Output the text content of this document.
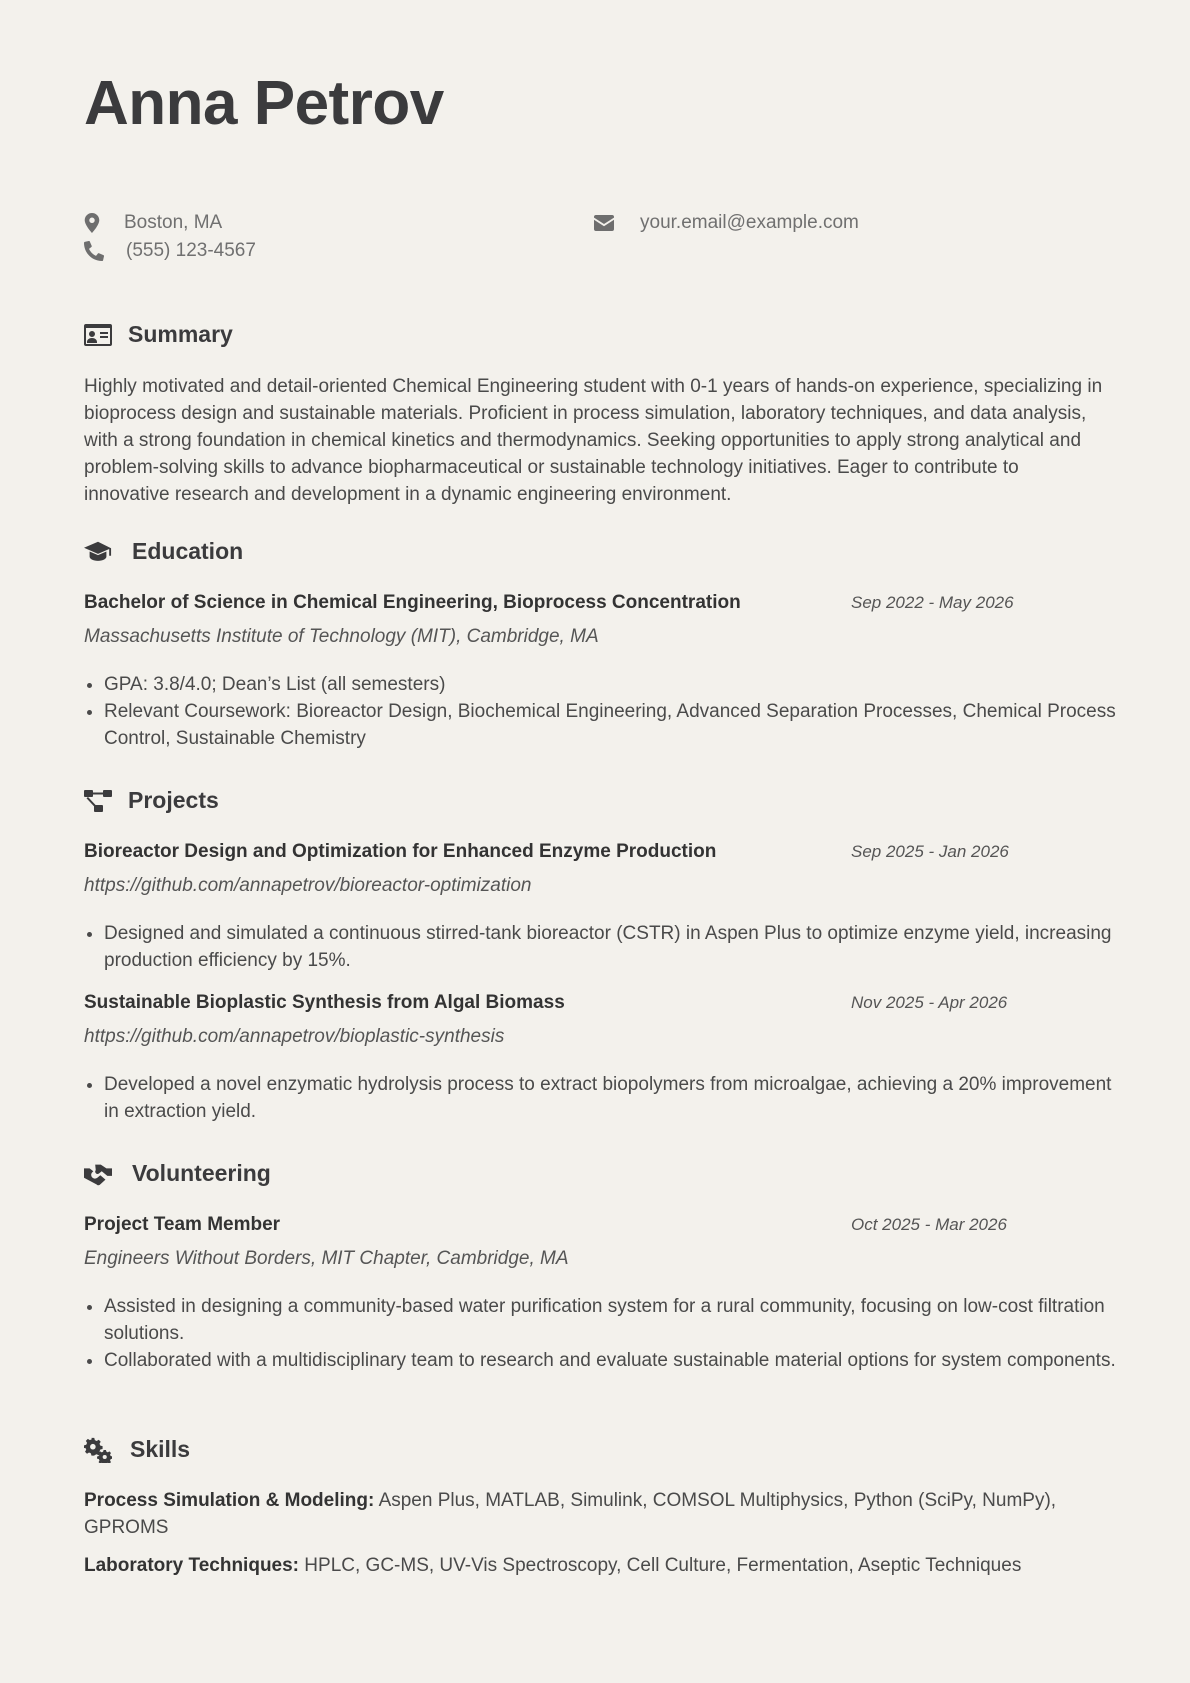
Anna Petrov
Boston, MA
(555) 123-4567
your.email@example.com
Summary

Highly motivated and detail-oriented Chemical Engineering student with 0-1 years of hands-on experience, specializing in bioprocess design and sustainable materials. Proficient in process simulation, laboratory techniques, and data analysis, with a strong foundation in chemical kinetics and thermodynamics. Seeking opportunities to apply strong analytical and problem-solving skills to advance biopharmaceutical or sustainable technology initiatives. Eager to contribute to innovative research and development in a dynamic engineering environment.

Education
Bachelor of Science in Chemical Engineering, Bioprocess Concentration	Sep 2022 - May 2026
Massachusetts Institute of Technology (MIT), Cambridge, MA
• GPA: 3.8/4.0; Dean’s List (all semesters)
• Relevant Coursework: Bioreactor Design, Biochemical Engineering, Advanced Separation Processes, Chemical Process Control, Sustainable Chemistry
Projects
Bioreactor Design and Optimization for Enhanced Enzyme Production	Sep 2025 - Jan 2026
https://github.com/annapetrov/bioreactor-optimization
• Designed and simulated a continuous stirred-tank bioreactor (CSTR) in Aspen Plus to optimize enzyme yield, increasing production efficiency by 15%.
Sustainable Bioplastic Synthesis from Algal Biomass	Nov 2025 - Apr 2026
https://github.com/annapetrov/bioplastic-synthesis
• Developed a novel enzymatic hydrolysis process to extract biopolymers from microalgae, achieving a 20% improvement in extraction yield.
Volunteering
Project Team Member	Oct 2025 - Mar 2026
Engineers Without Borders, MIT Chapter, Cambridge, MA
• Assisted in designing a community-based water purification system for a rural community, focusing on low-cost filtration solutions.
• Collaborated with a multidisciplinary team to research and evaluate sustainable material options for system components.
Skills

Process Simulation & Modeling: Aspen Plus, MATLAB, Simulink, COMSOL Multiphysics, Python (SciPy, NumPy), GPROMS

Laboratory Techniques: HPLC, GC-MS, UV-Vis Spectroscopy, Cell Culture, Fermentation, Aseptic Techniques
